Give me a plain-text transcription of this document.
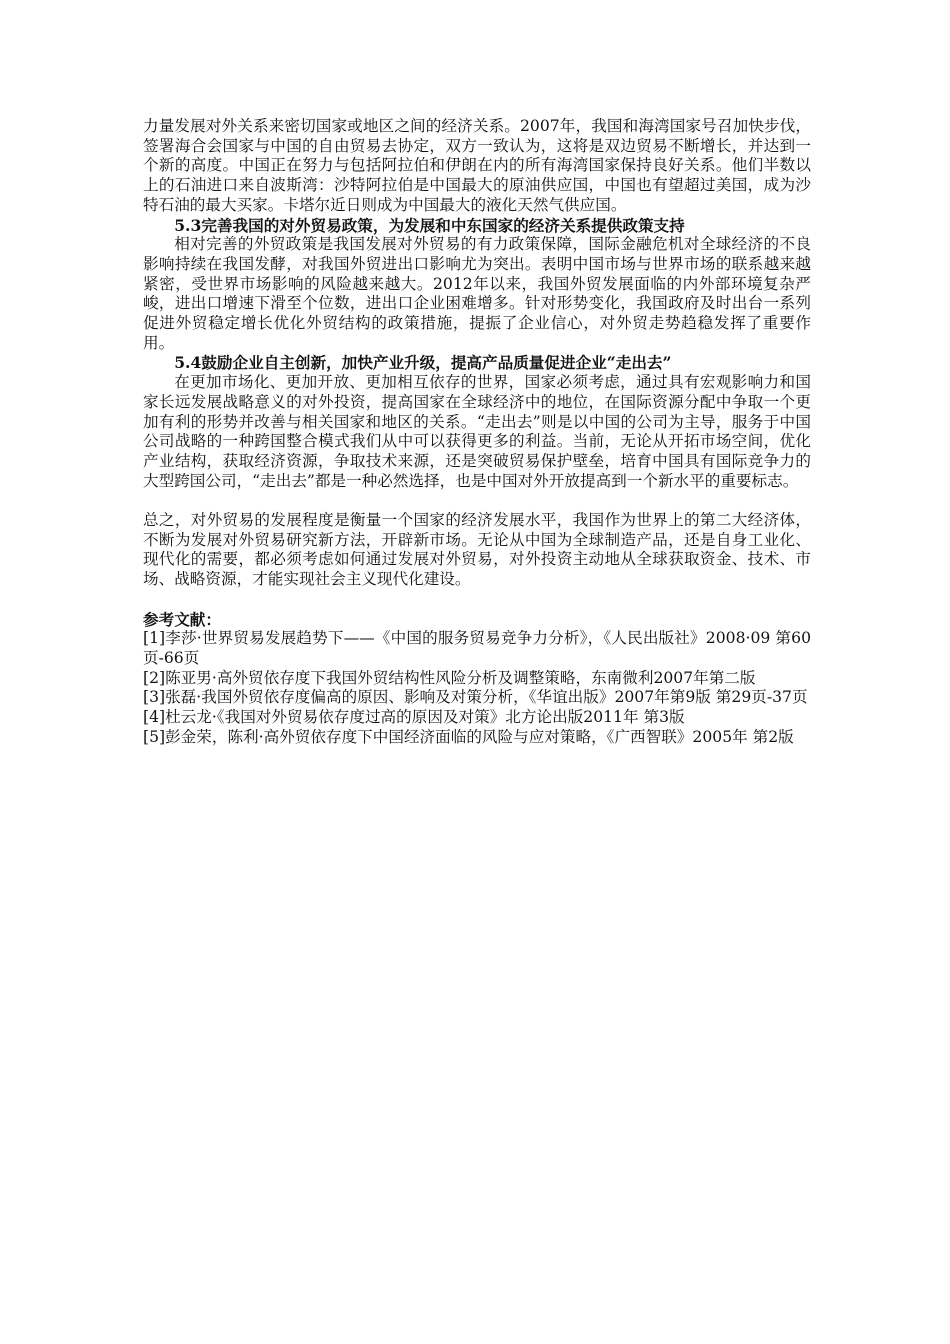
力量发展对外关系来密切国家或地区之间的经济关系。2007年，我国和海湾国家号召加快步伐，签署海合会国家与中国的自由贸易去协定，双方一致认为，这将是双边贸易不断增长，并达到一个新的高度。中国正在努力与包括阿拉伯和伊朗在内的所有海湾国家保持良好关系。他们半数以上的石油进口来自波斯湾：沙特阿拉伯是中国最大的原油供应国，中国也有望超过美国，成为沙特石油的最大买家。卡塔尔近日则成为中国最大的液化天然气供应国。

5.3完善我国的对外贸易政策，为发展和中东国家的经济关系提供政策支持

相对完善的外贸政策是我国发展对外贸易的有力政策保障，国际金融危机对全球经济的不良影响持续在我国发酵，对我国外贸进出口影响尤为突出。表明中国市场与世界市场的联系越来越紧密，受世界市场影响的风险越来越大。2012年以来，我国外贸发展面临的内外部环境复杂严峻，进出口增速下滑至个位数，进出口企业困难增多。针对形势变化，我国政府及时出台一系列促进外贸稳定增长优化外贸结构的政策措施，提振了企业信心，对外贸走势趋稳发挥了重要作用。

5.4鼓励企业自主创新，加快产业升级，提高产品质量促进企业“走出去”

在更加市场化、更加开放、更加相互依存的世界，国家必须考虑，通过具有宏观影响力和国家长远发展战略意义的对外投资，提高国家在全球经济中的地位，在国际资源分配中争取一个更加有利的形势并改善与相关国家和地区的关系。“走出去”则是以中国的公司为主导，服务于中国公司战略的一种跨国整合模式我们从中可以获得更多的利益。当前，无论从开拓市场空间，优化产业结构，获取经济资源，争取技术来源，还是突破贸易保护壁垒，培育中国具有国际竞争力的大型跨国公司，“走出去”都是一种必然选择，也是中国对外开放提高到一个新水平的重要标志。

总之，对外贸易的发展程度是衡量一个国家的经济发展水平，我国作为世界上的第二大经济体，不断为发展对外贸易研究新方法，开辟新市场。无论从中国为全球制造产品，还是自身工业化、现代化的需要，都必须考虑如何通过发展对外贸易，对外投资主动地从全球获取资金、技术、市场、战略资源，才能实现社会主义现代化建设。

参考文献：

[1]李莎·世界贸易发展趋势下——《中国的服务贸易竞争力分析》，《人民出版社》2008·09 第60页-66页

[2]陈亚男·高外贸依存度下我国外贸结构性风险分析及调整策略，东南微利2007年第二版

[3]张磊·我国外贸依存度偏高的原因、影响及对策分析，《华谊出版》2007年第9版 第29页-37页

[4]杜云龙·《我国对外贸易依存度过高的原因及对策》北方论出版2011年 第3版

[5]彭金荣，陈利·高外贸依存度下中国经济面临的风险与应对策略，《广西智联》2005年 第2版
